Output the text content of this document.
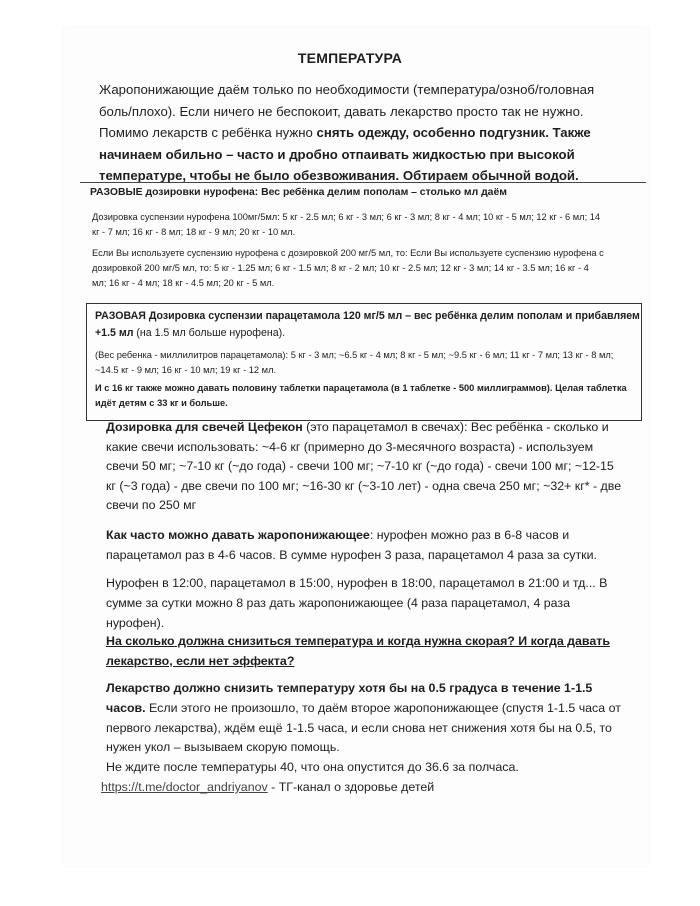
ТЕМПЕРАТУРА
Жаропонижающие даём только по необходимости (температура/озноб/головная боль/плохо). Если ничего не беспокоит, давать лекарство просто так не нужно. Помимо лекарств с ребёнка нужно снять одежду, особенно подгузник. Также начинаем обильно – часто и дробно отпаивать жидкостью при высокой температуре, чтобы не было обезвоживания. Обтираем обычной водой.
РАЗОВЫЕ дозировки нурофена: Вес ребёнка делим пополам – столько мл даём
Дозировка суспензии нурофена 100мг/5мл: 5 кг - 2.5 мл; 6 кг - 3 мл; 6 кг - 3 мл; 8 кг - 4 мл; 10 кг - 5 мл; 12 кг - 6 мл; 14
кг - 7 мл; 16 кг - 8 мл; 18 кг - 9 мл; 20 кг - 10 мл.
Если Вы используете суспензию нурофена с дозировкой 200 мг/5 мл, то: Если Вы используете суспензию нурофена с
дозировкой 200 мг/5 мл, то: 5 кг - 1.25 мл; 6 кг - 1.5 мл; 8 кг - 2 мл; 10 кг - 2.5 мл; 12 кг - 3 мл; 14 кг - 3.5 мл; 16 кг - 4
мл; 16 кг - 4 мл; 18 кг - 4.5 мл; 20 кг - 5 мл.
РАЗОВАЯ Дозировка суспензии парацетамола 120 мг/5 мл – вес ребёнка делим пополам и прибавляем +1.5 мл (на 1.5 мл больше нурофена).
(Вес ребенка - миллилитров парацетамола): 5 кг - 3 мл; ~6.5 кг - 4 мл; 8 кг - 5 мл; ~9.5 кг - 6 мл; 11 кг - 7 мл; 13 кг - 8 мл;
~14.5 кг - 9 мл; 16 кг - 10 мл; 19 кг - 12 мл.
И с 16 кг также можно давать половину таблетки парацетамола (в 1 таблетке - 500 миллиграммов). Целая таблетка
идёт детям с 33 кг и больше.
Дозировка для свечей Цефекон (это парацетамол в свечах): Вес ребёнка - сколько и какие свечи использовать: ~4-6 кг (примерно до 3-месячного возраста) - используем свечи 50 мг; ~7-10 кг (~до года) - свечи 100 мг; ~7-10 кг (~до года) - свечи 100 мг; ~12-15 кг (~3 года) - две свечи по 100 мг; ~16-30 кг (~3-10 лет) - одна свеча 250 мг; ~32+ кг* - две свечи по 250 мг
Как часто можно давать жаропонижающее: нурофен можно раз в 6-8 часов и парацетамол раз в 4-6 часов. В сумме нурофен 3 раза, парацетамол 4 раза за сутки.
Нурофен в 12:00, парацетамол в 15:00, нурофен в 18:00, парацетамол в 21:00 и тд... В сумме за сутки можно 8 раз дать жаропонижающее (4 раза парацетамол, 4 раза нурофен).
На сколько должна снизиться температура и когда нужна скорая? И когда давать лекарство, если нет эффекта?
Лекарство должно снизить температуру хотя бы на 0.5 градуса в течение 1-1.5 часов. Если этого не произошло, то даём второе жаропонижающее (спустя 1-1.5 часа от первого лекарства), ждём ещё 1-1.5 часа, и если снова нет снижения хотя бы на 0.5, то нужен укол – вызываем скорую помощь.
Не ждите после температуры 40, что она опустится до 36.6 за полчаса.
https://t.me/doctor_andriyanov - ТГ-канал о здоровье детей
